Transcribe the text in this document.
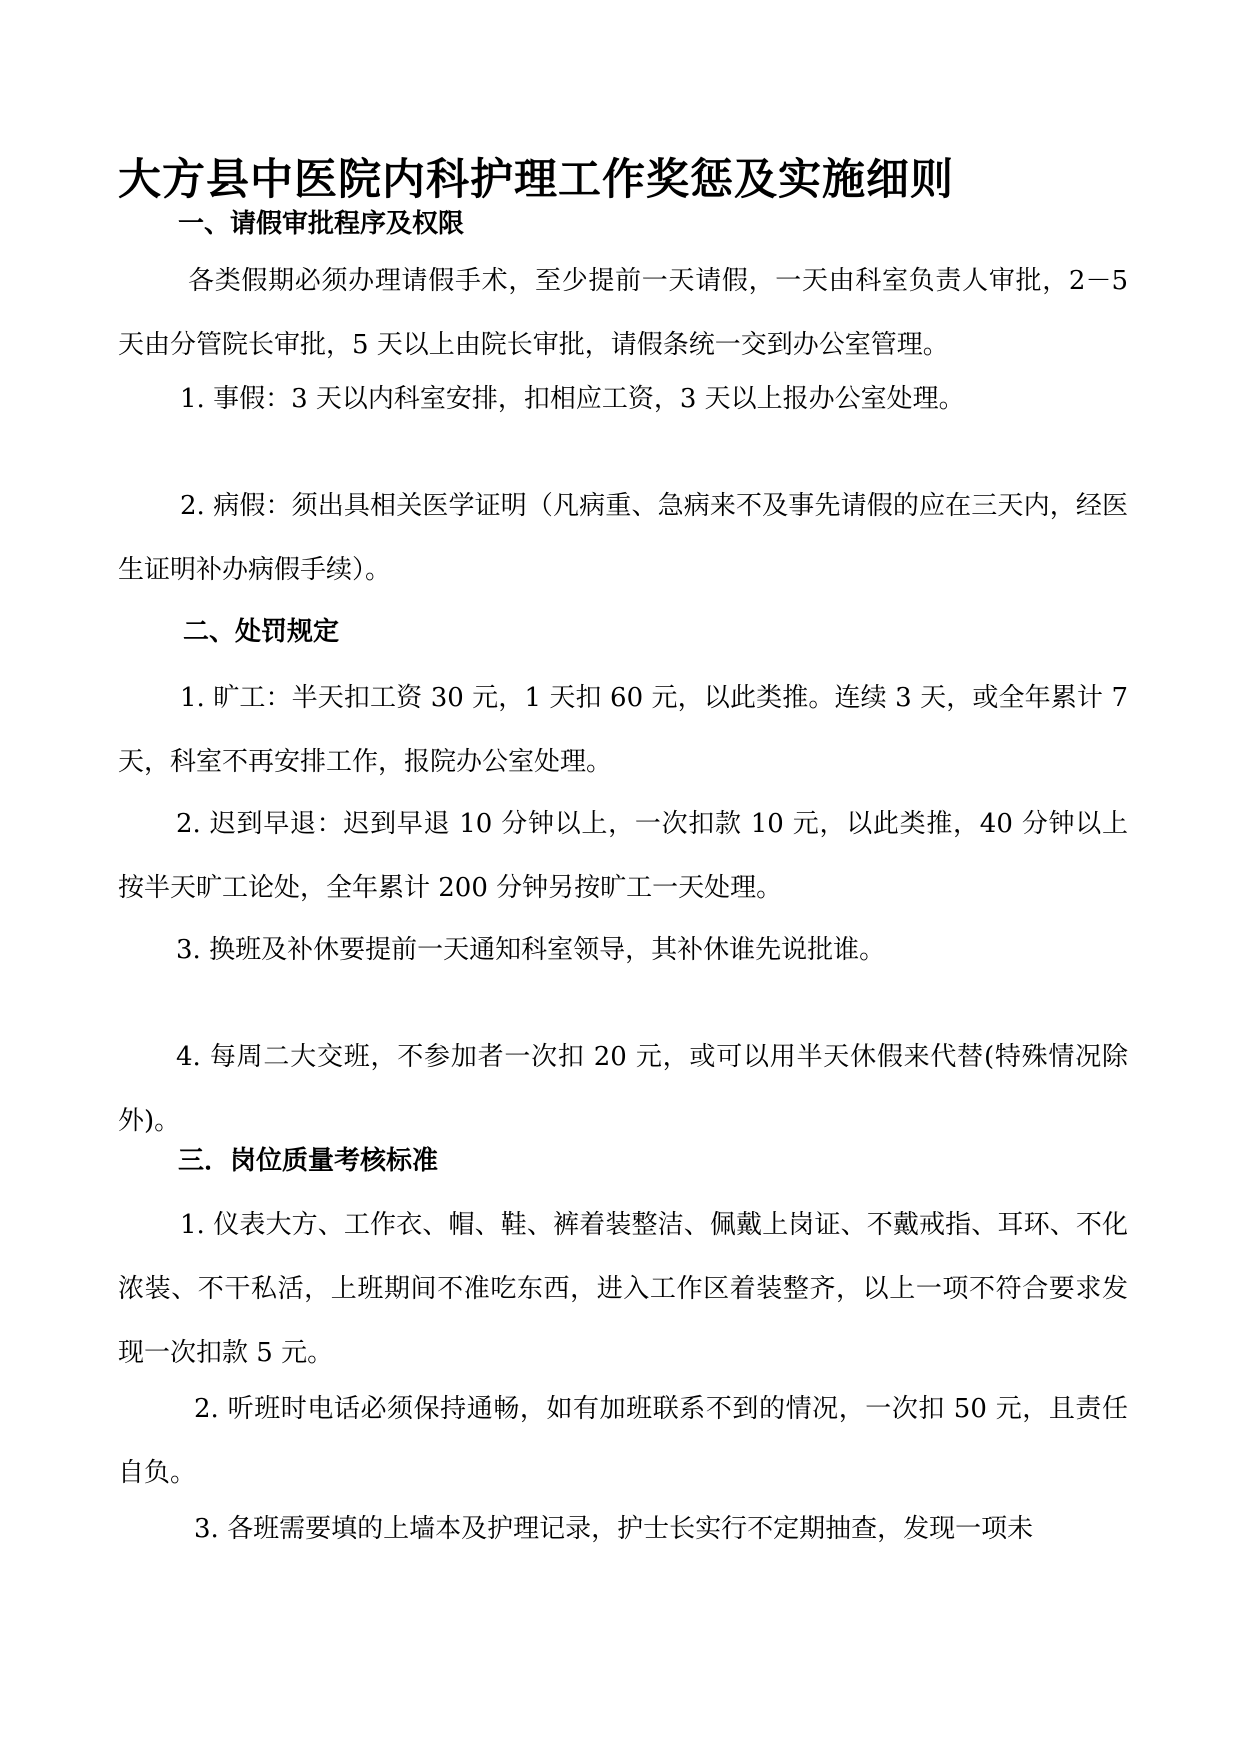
大方县中医院内科护理工作奖惩及实施细则
一、请假审批程序及权限

各类假期必须办理请假手术，至少提前一天请假，一天由科室负责人审批，2－5 天由分管院长审批，5 天以上由院长审批，请假条统一交到办公室管理。

1. 事假：3 天以内科室安排，扣相应工资，3 天以上报办公室处理。

2. 病假：须出具相关医学证明（凡病重、急病来不及事先请假的应在三天内，经医生证明补办病假手续）。

二、处罚规定

1. 旷工：半天扣工资 30 元，1 天扣 60 元，以此类推。连续 3 天，或全年累计 7 天，科室不再安排工作，报院办公室处理。

2. 迟到早退：迟到早退 10 分钟以上，一次扣款 10 元，以此类推，40 分钟以上按半天旷工论处，全年累计 200 分钟另按旷工一天处理。

3. 换班及补休要提前一天通知科室领导，其补休谁先说批谁。

4. 每周二大交班，不参加者一次扣 20 元，或可以用半天休假来代替(特殊情况除外)。

三．岗位质量考核标准

1. 仪表大方、工作衣、帽、鞋、裤着装整洁、佩戴上岗证、不戴戒指、耳环、不化浓装、不干私活，上班期间不准吃东西，进入工作区着装整齐，以上一项不符合要求发现一次扣款 5 元。

2. 听班时电话必须保持通畅，如有加班联系不到的情况，一次扣 50 元，且责任自负。

3. 各班需要填的上墙本及护理记录，护士长实行不定期抽查，发现一项未
